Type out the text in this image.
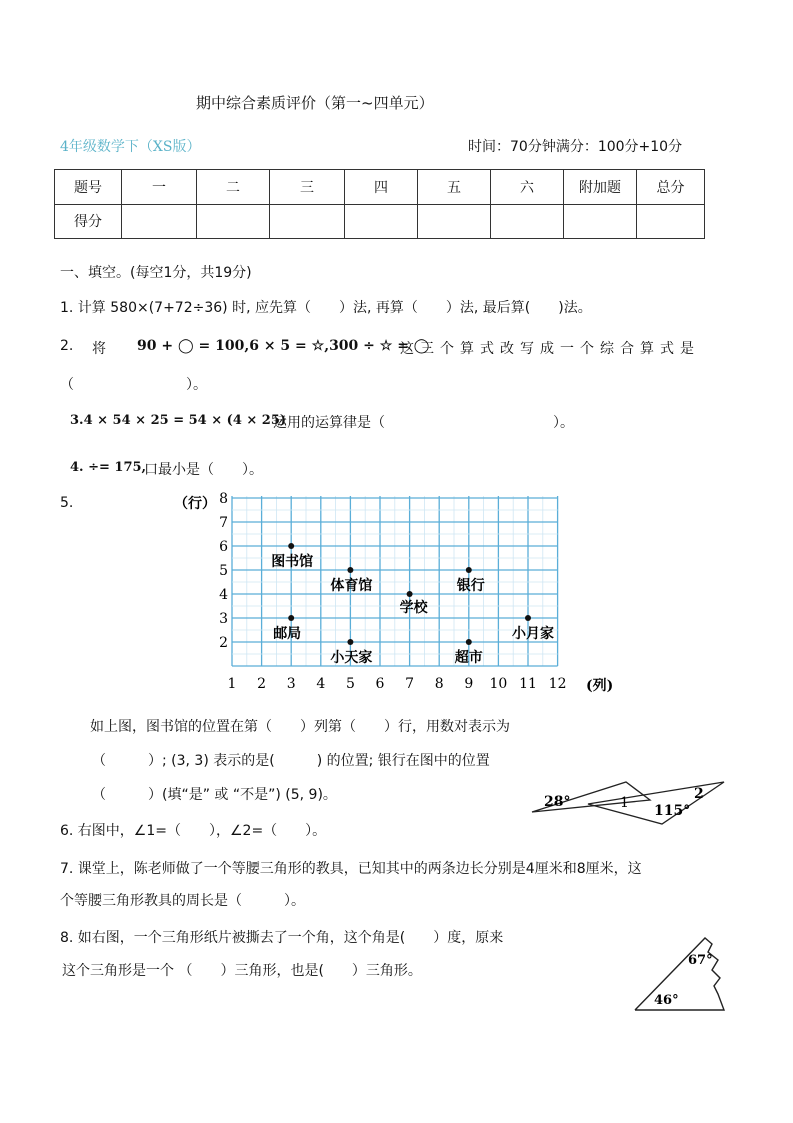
期中综合素质评价（第一~四单元）
4年级数学下（XS版）	时间：70分钟满分：100分+10分
题号	一	二	三	四	五	六	附加题	总分
得分								
一、填空。(每空1分，共19分)
1. 计算 580×(7+72÷36) 时, 应先算（　　）法, 再算（　　）法, 最后算(　　)法。
2. 将 90 + ◯ = 100,6 × 5 = ☆,300 ÷ ☆ = ◯
这三个算式改写成一个综合算式是
（　　　　　　　　）。
3.4 × 54 × 25 = 54 × (4 × 25)
运用的运算律是（　　　　　　　　　　　　）。
4. ÷= 175,
口最小是（　　）。
5.
1 2 3 4 5 6 7 8 9 10 11 12
2
3
4
5
6
7
8
图书馆
体育馆
学校
银行
邮局
小天家	超市
小月家
（行）
(列)
如上图，图书馆的位置在第（　　）列第（　　）行，用数对表示为
（　　　）; (3, 3) 表示的是(　　　) 的位置; 银行在图中的位置
（　　　）(填“是” 或 “不是”) (5, 9)。	28°
115°
1
2
6. 右图中，∠1=（　　），∠2=（　　）。
7. 课堂上，陈老师做了一个等腰三角形的教具，已知其中的两条边长分别是4厘米和8厘米，这
个等腰三角形教具的周长是（　　　）。
8. 如右图，一个三角形纸片被撕去了一个角，这个角是(　　）度，原来
这个三角形是一个 （　　）三角形，也是(　　）三角形。
67°
46°
